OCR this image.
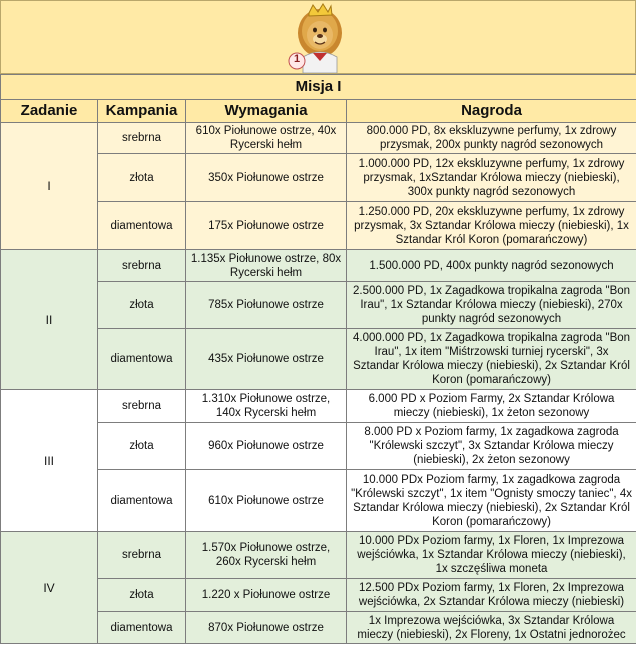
1
Misja I			
Zadanie	Kampania	Wymagania	Nagroda
I	srebrna	610x Piołunowe ostrze, 40x Rycerski hełm	800.000 PD, 8x ekskluzywne perfumy, 1x zdrowy przysmak, 200x punkty nagród sezonowych
	złota	350x Piołunowe ostrze	1.000.000 PD, 12x ekskluzywne perfumy, 1x zdrowy przysmak, 1xSztandar Królowa mieczy (niebieski), 300x punkty nagród sezonowych
	diamentowa	175x Piołunowe ostrze	1.250.000 PD, 20x ekskluzywne perfumy, 1x zdrowy przysmak, 3x Sztandar Królowa mieczy (niebieski), 1x Sztandar Król Koron (pomarańczowy)
II	srebrna	1.135x Piołunowe ostrze, 80x Rycerski hełm	1.500.000 PD, 400x punkty nagród sezonowych
	złota	785x Piołunowe ostrze	2.500.000 PD, 1x Zagadkowa tropikalna zagroda "Bon Irau", 1x Sztandar Królowa mieczy (niebieski), 270x punkty nagród sezonowych
	diamentowa	435x Piołunowe ostrze	4.000.000 PD, 1x Zagadkowa tropikalna zagroda "Bon Irau", 1x item "Miśtrzowski turniej rycerski", 3x Sztandar Królowa mieczy (niebieski), 2x Sztandar Król Koron (pomarańczowy)
III	srebrna	1.310x Piołunowe ostrze, 140x Rycerski hełm	6.000 PD x Poziom Farmy, 2x Sztandar Królowa mieczy (niebieski), 1x żeton sezonowy
	złota	960x Piołunowe ostrze	8.000 PD x Poziom farmy, 1x zagadkowa zagroda "Królewski szczyt", 3x Sztandar Królowa mieczy (niebieski), 2x żeton sezonowy
	diamentowa	610x Piołunowe ostrze	10.000 PDx Poziom farmy, 1x zagadkowa zagroda "Królewski szczyt", 1x item "Ognisty smoczy taniec", 4x Sztandar Królowa mieczy (niebieski), 2x Sztandar Król Koron (pomarańczowy)
IV	srebrna	1.570x Piołunowe ostrze, 260x Rycerski hełm	10.000 PDx Poziom farmy, 1x Floren, 1x Imprezowa wejściówka, 1x Sztandar Królowa mieczy (niebieski), 1x szczęśliwa moneta
	złota	1.220 x Piołunowe ostrze	12.500 PDx Poziom farmy, 1x Floren, 2x Imprezowa wejściówka, 2x Sztandar Królowa mieczy (niebieski)
	diamentowa	870x Piołunowe ostrze	1x Imprezowa wejściówka, 3x Sztandar Królowa mieczy (niebieski), 2x Floreny, 1x Ostatni jednorożec
